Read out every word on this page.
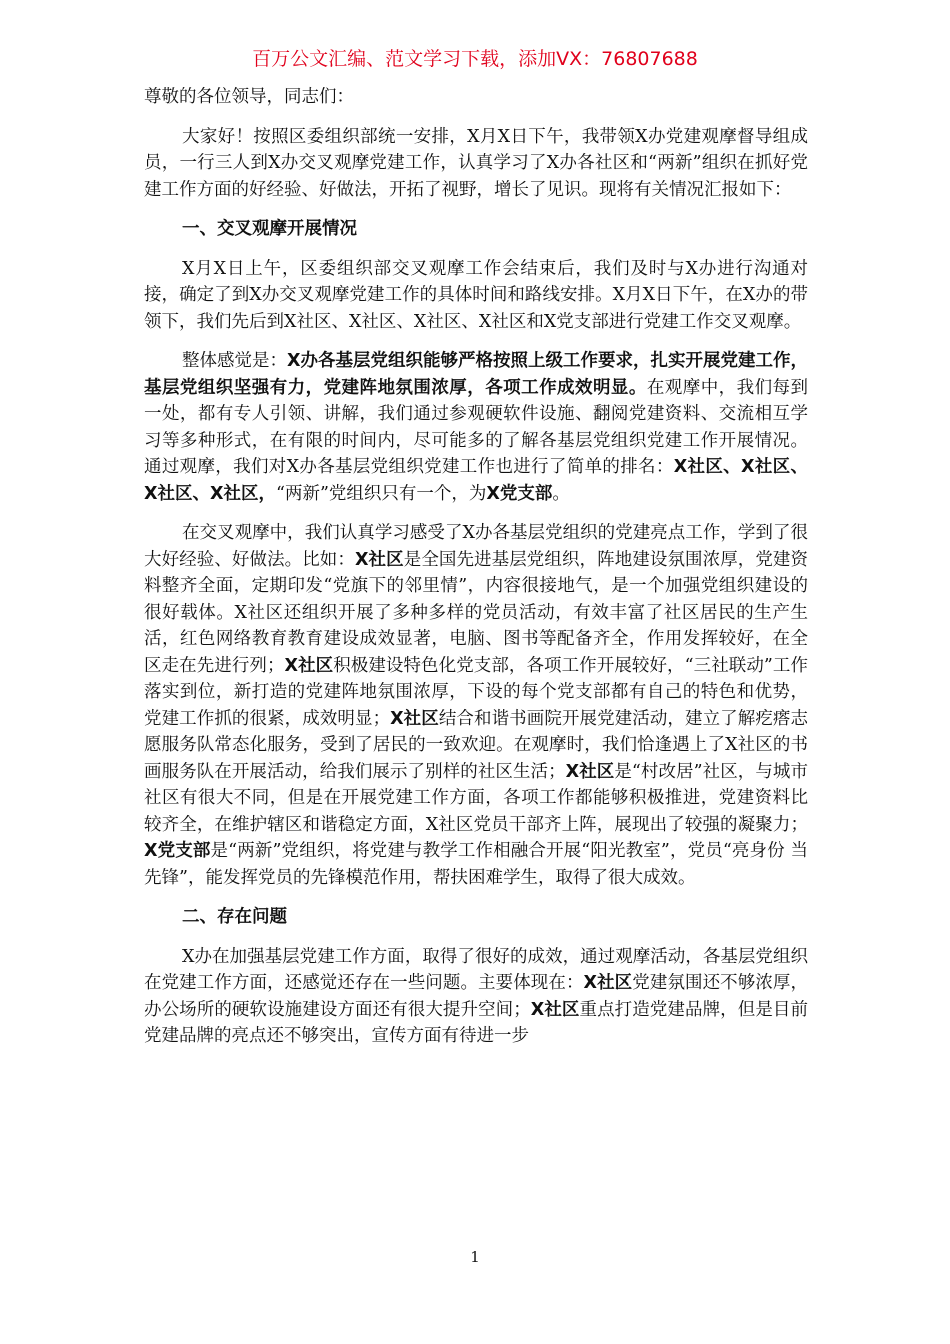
百万公文汇编、范文学习下载，添加VX：76807688

尊敬的各位领导，同志们：

大家好！按照区委组织部统一安排，X月X日下午，我带领X办党建观摩督导组成员，一行三人到X办交叉观摩党建工作，认真学习了X办各社区和“两新”组织在抓好党建工作方面的好经验、好做法，开拓了视野，增长了见识。现将有关情况汇报如下：

一、交叉观摩开展情况

X月X日上午，区委组织部交叉观摩工作会结束后，我们及时与X办进行沟通对接，确定了到X办交叉观摩党建工作的具体时间和路线安排。X月X日下午，在X办的带领下，我们先后到X社区、X社区、X社区、X社区和X党支部进行党建工作交叉观摩。

整体感觉是：X办各基层党组织能够严格按照上级工作要求，扎实开展党建工作，基层党组织坚强有力，党建阵地氛围浓厚，各项工作成效明显。在观摩中，我们每到一处，都有专人引领、讲解，我们通过参观硬软件设施、翻阅党建资料、交流相互学习等多种形式，在有限的时间内，尽可能多的了解各基层党组织党建工作开展情况。通过观摩，我们对X办各基层党组织党建工作也进行了简单的排名：X社区、X社区、X社区、X社区，“两新”党组织只有一个，为X党支部。

在交叉观摩中，我们认真学习感受了X办各基层党组织的党建亮点工作，学到了很大好经验、好做法。比如：X社区是全国先进基层党组织，阵地建设氛围浓厚，党建资料整齐全面，定期印发“党旗下的邻里情”，内容很接地气，是一个加强党组织建设的很好载体。X社区还组织开展了多种多样的党员活动，有效丰富了社区居民的生产生活，红色网络教育教育建设成效显著，电脑、图书等配备齐全，作用发挥较好，在全区走在先进行列；X社区积极建设特色化党支部，各项工作开展较好，“三社联动”工作落实到位，新打造的党建阵地氛围浓厚，下设的每个党支部都有自己的特色和优势，党建工作抓的很紧，成效明显；X社区结合和谐书画院开展党建活动，建立了解疙瘩志愿服务队常态化服务，受到了居民的一致欢迎。在观摩时，我们恰逢遇上了X社区的书画服务队在开展活动，给我们展示了别样的社区生活；X社区是“村改居”社区，与城市社区有很大不同，但是在开展党建工作方面，各项工作都能够积极推进，党建资料比较齐全，在维护辖区和谐稳定方面，X社区党员干部齐上阵，展现出了较强的凝聚力；X党支部是“两新”党组织，将党建与教学工作相融合开展“阳光教室”，党员“亮身份 当先锋”，能发挥党员的先锋模范作用，帮扶困难学生，取得了很大成效。

二、存在问题

X办在加强基层党建工作方面，取得了很好的成效，通过观摩活动，各基层党组织在党建工作方面，还感觉还存在一些问题。主要体现在：X社区党建氛围还不够浓厚，办公场所的硬软设施建设方面还有很大提升空间；X社区重点打造党建品牌，但是目前党建品牌的亮点还不够突出，宣传方面有待进一步

1
